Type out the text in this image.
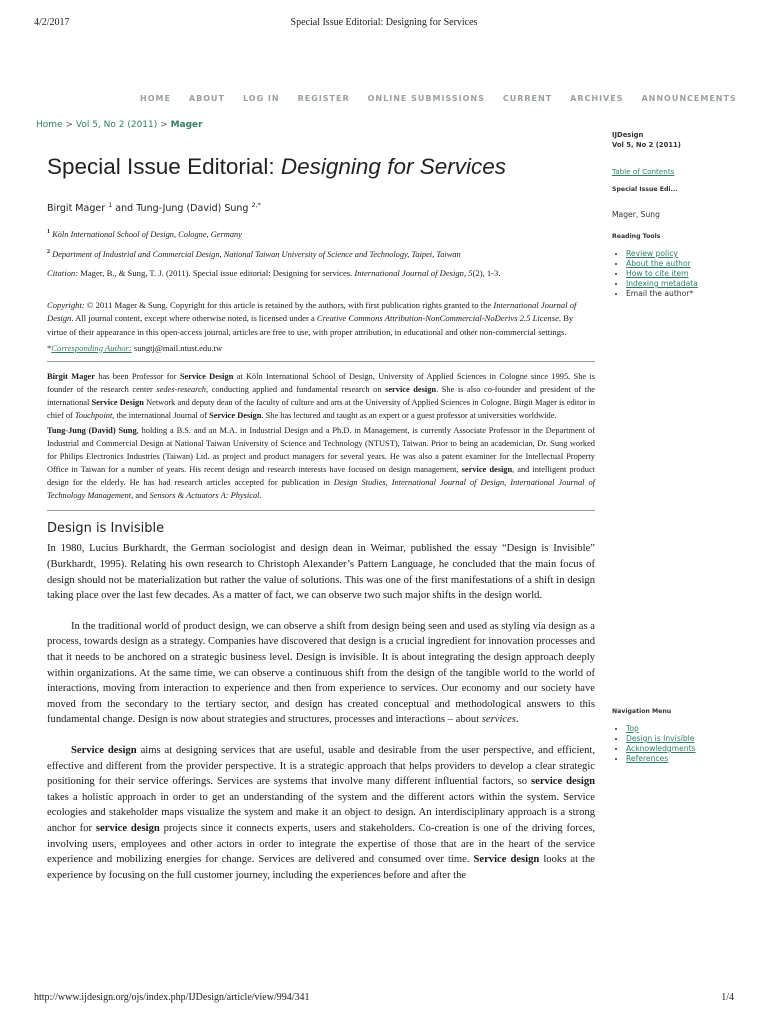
4/2/2017	Special Issue Editorial: Designing for Services
HOME ABOUT LOG IN REGISTER ONLINE SUBMISSIONS CURRENT ARCHIVES ANNOUNCEMENTS
Home > Vol 5, No 2 (2011) > Mager
Special Issue Editorial: Designing for Services
Birgit Mager $^1$ and Tung-Jung (David) Sung $^{2,*}$
$^1$ Köln International School of Design, Cologne, Germany
$^2$ Department of Industrial and Commercial Design, National Taiwan University of Science and Technology, Taipei, Taiwan
Citation: Mager, B., & Sung, T. J. (2011). Special issue editorial: Designing for services. International Journal of Design, 5(2), 1-3.
Copyright: © 2011 Mager & Sung. Copyright for this article is retained by the authors, with first publication rights granted to the International Journal of Design. All journal content, except where otherwise noted, is licensed under a Creative Commons Attribution-NonCommercial-NoDerivs 2.5 License. By virtue of their appearance in this open-access journal, articles are free to use, with proper attribution, in educational and other non-commercial settings.
*Corresponding Author: sungtj@mail.ntust.edu.tw

Birgit Mager has been Professor for Service Design at Köln International School of Design, University of Applied Sciences in Cologne since 1995. She is founder of the research center sedes-research, conducting applied and fundamental research on service design. She is also co-founder and president of the international Service Design Network and deputy dean of the faculty of culture and arts at the University of Applied Sciences in Cologne. Birgit Mager is editor in chief of Touchpoint, the international Journal of Service Design. She has lectured and taught as an expert or a guest professor at universities worldwide.

Tung-Jung (David) Sung, holding a B.S. and an M.A. in Industrial Design and a Ph.D. in Management, is currently Associate Professor in the Department of Industrial and Commercial Design at National Taiwan University of Science and Technology (NTUST), Taiwan. Prior to being an academician, Dr. Sung worked for Philips Electronics Industries (Taiwan) Ltd. as project and product managers for several years. He was also a patent examiner for the Intellectual Property Office in Taiwan for a number of years. His recent design and research interests have focused on design management, service design, and intelligent product design for the elderly. He has had research articles accepted for publication in Design Studies, International Journal of Design, International Journal of Technology Management, and Sensors & Actuators A: Physical.

Design is Invisible

In 1980, Lucius Burkhardt, the German sociologist and design dean in Weimar, published the essay “Design is Invisible” (Burkhardt, 1995). Relating his own research to Christoph Alexander’s Pattern Language, he concluded that the main focus of design should not be materialization but rather the value of solutions. This was one of the first manifestations of a shift in design taking place over the last few decades. As a matter of fact, we can observe two such major shifts in the design world.

In the traditional world of product design, we can observe a shift from design being seen and used as styling via design as a process, towards design as a strategy. Companies have discovered that design is a crucial ingredient for innovation processes and that it needs to be anchored on a strategic business level. Design is invisible. It is about integrating the design approach deeply within organizations. At the same time, we can observe a continuous shift from the design of the tangible world to the world of interactions, moving from interaction to experience and then from experience to services. Our economy and our society have moved from the secondary to the tertiary sector, and design has created conceptual and methodological answers to this fundamental change. Design is now about strategies and structures, processes and interactions – about services.

Service design aims at designing services that are useful, usable and desirable from the user perspective, and efficient, effective and different from the provider perspective. It is a strategic approach that helps providers to develop a clear strategic positioning for their service offerings. Services are systems that involve many different influential factors, so service design takes a holistic approach in order to get an understanding of the system and the different actors within the system. Service ecologies and stakeholder maps visualize the system and make it an object to design. An interdisciplinary approach is a strong anchor for service design projects since it connects experts, users and stakeholders. Co-creation is one of the driving forces, involving users, employees and other actors in order to integrate the expertise of those that are in the heart of the service experience and mobilizing energies for change. Services are delivered and consumed over time. Service design looks at the experience by focusing on the full customer journey, including the experiences before and after the

IJDesign
Vol 5, No 2 (2011)
Table of Contents
Special Issue Edi...
Mager, Sung
Reading Tools
• Review policy
• About the author
• How to cite item
• Indexing metadata
• Email the author*
Navigation Menu
• Top
• Design is Invisible
• Acknowledgments
• References
http://www.ijdesign.org/ojs/index.php/IJDesign/article/view/994/341	1/4
